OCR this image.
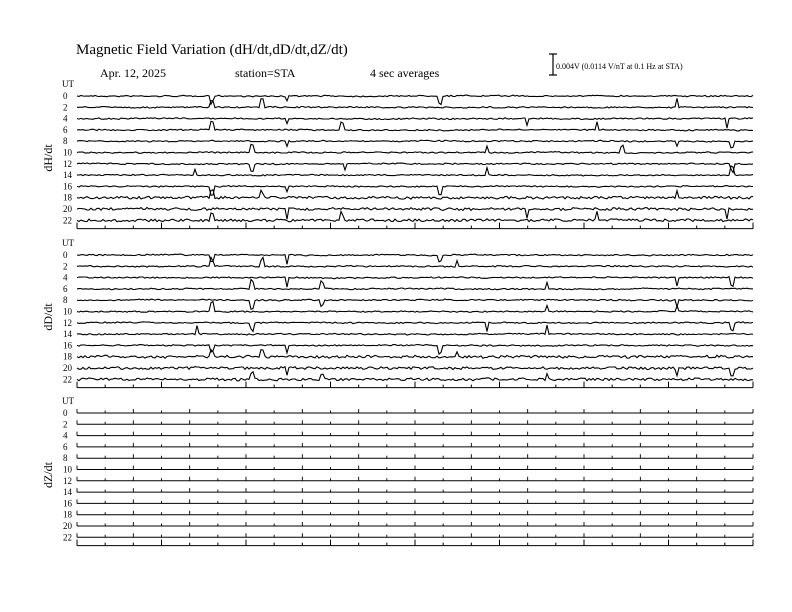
Magnetic Field Variation (dH/dt,dD/dt,dZ/dt)
Apr. 12, 2025	station=STA	4 sec averages	0.004V (0.0114 V/nT at 0.1 Hz at STA)
UT
dH/dt
0
2
4
6
8
10
12
14
16
18
20
22
UT
dD/dt
0
2
4
6
8
10
12
14
16
18
20
22
UT
dZ/dt
0
2
4
6
8
10
12
14
16
18
20
22
